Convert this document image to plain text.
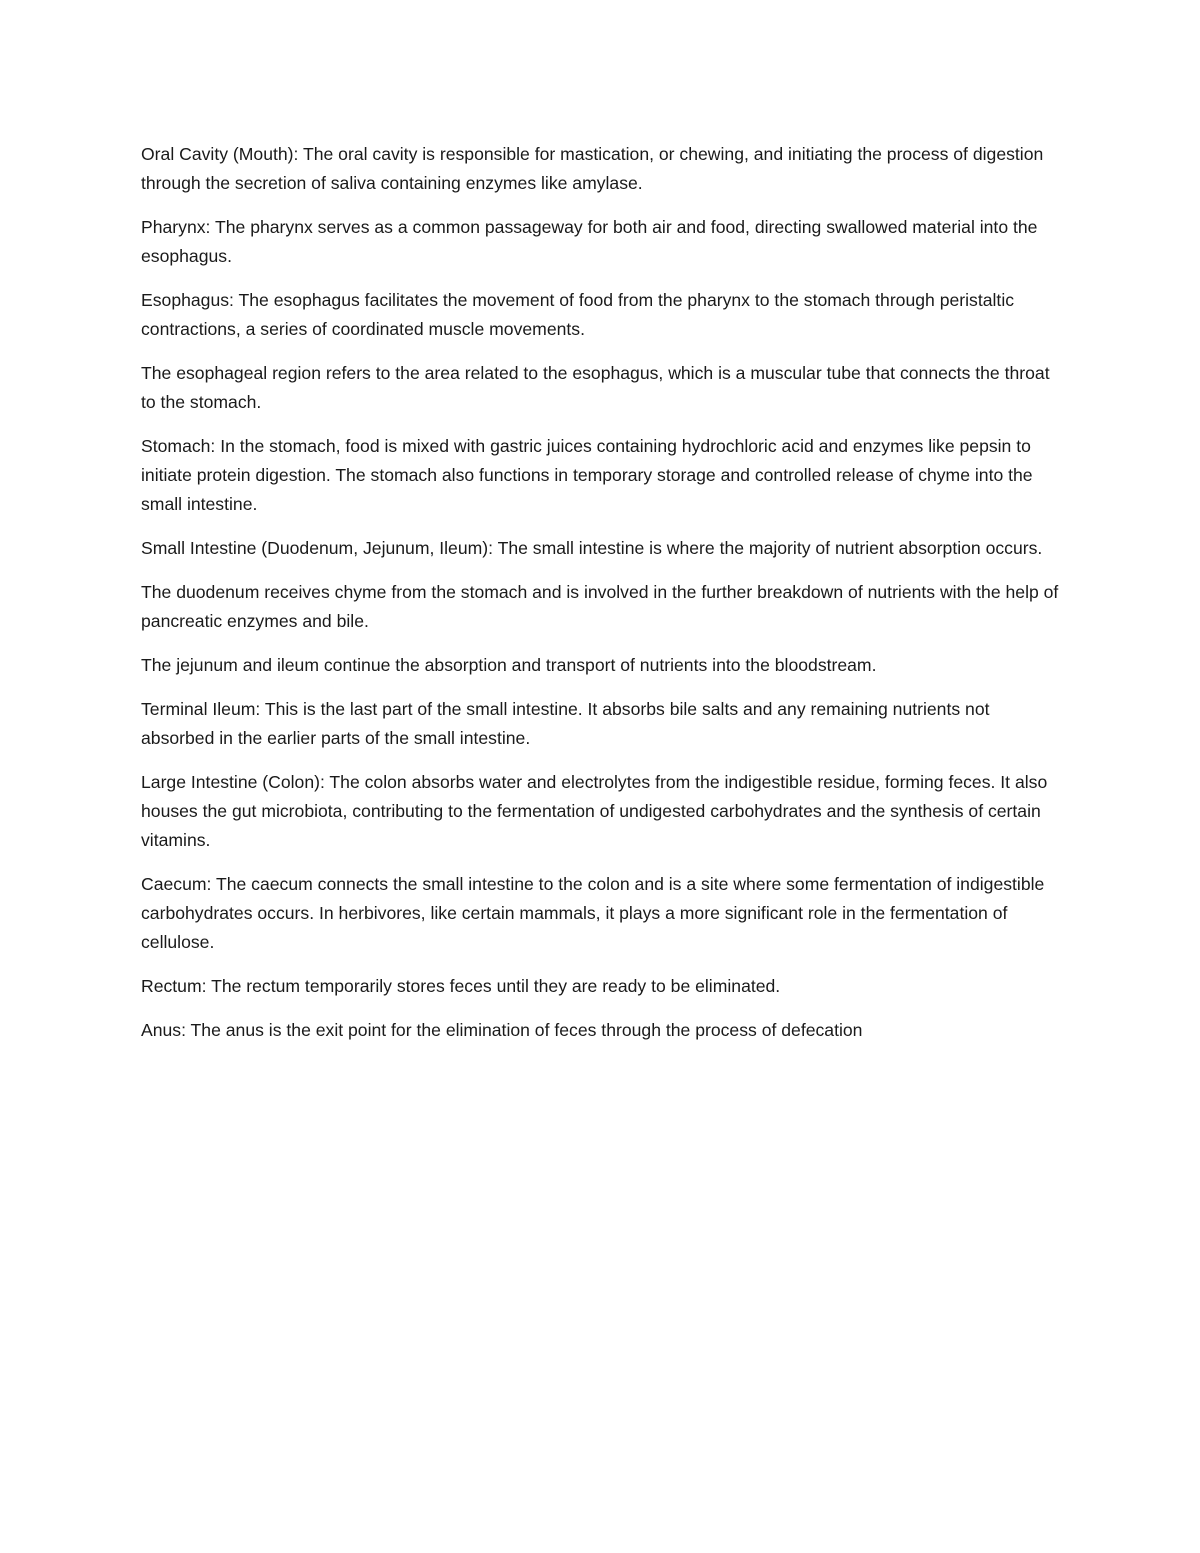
Oral Cavity (Mouth): The oral cavity is responsible for mastication, or chewing, and initiating the process of digestion through the secretion of saliva containing enzymes like amylase.

Pharynx: The pharynx serves as a common passageway for both air and food, directing swallowed material into the esophagus.

Esophagus: The esophagus facilitates the movement of food from the pharynx to the stomach through peristaltic contractions, a series of coordinated muscle movements.

The esophageal region refers to the area related to the esophagus, which is a muscular tube that connects the throat to the stomach.

Stomach: In the stomach, food is mixed with gastric juices containing hydrochloric acid and enzymes like pepsin to initiate protein digestion. The stomach also functions in temporary storage and controlled release of chyme into the small intestine.

Small Intestine (Duodenum, Jejunum, Ileum): The small intestine is where the majority of nutrient absorption occurs.

The duodenum receives chyme from the stomach and is involved in the further breakdown of nutrients with the help of pancreatic enzymes and bile.

The jejunum and ileum continue the absorption and transport of nutrients into the bloodstream.

Terminal Ileum: This is the last part of the small intestine. It absorbs bile salts and any remaining nutrients not absorbed in the earlier parts of the small intestine.

Large Intestine (Colon): The colon absorbs water and electrolytes from the indigestible residue, forming feces. It also houses the gut microbiota, contributing to the fermentation of undigested carbohydrates and the synthesis of certain vitamins.

Caecum: The caecum connects the small intestine to the colon and is a site where some fermentation of indigestible carbohydrates occurs. In herbivores, like certain mammals, it plays a more significant role in the fermentation of cellulose.

Rectum: The rectum temporarily stores feces until they are ready to be eliminated.

Anus: The anus is the exit point for the elimination of feces through the process of defecation
